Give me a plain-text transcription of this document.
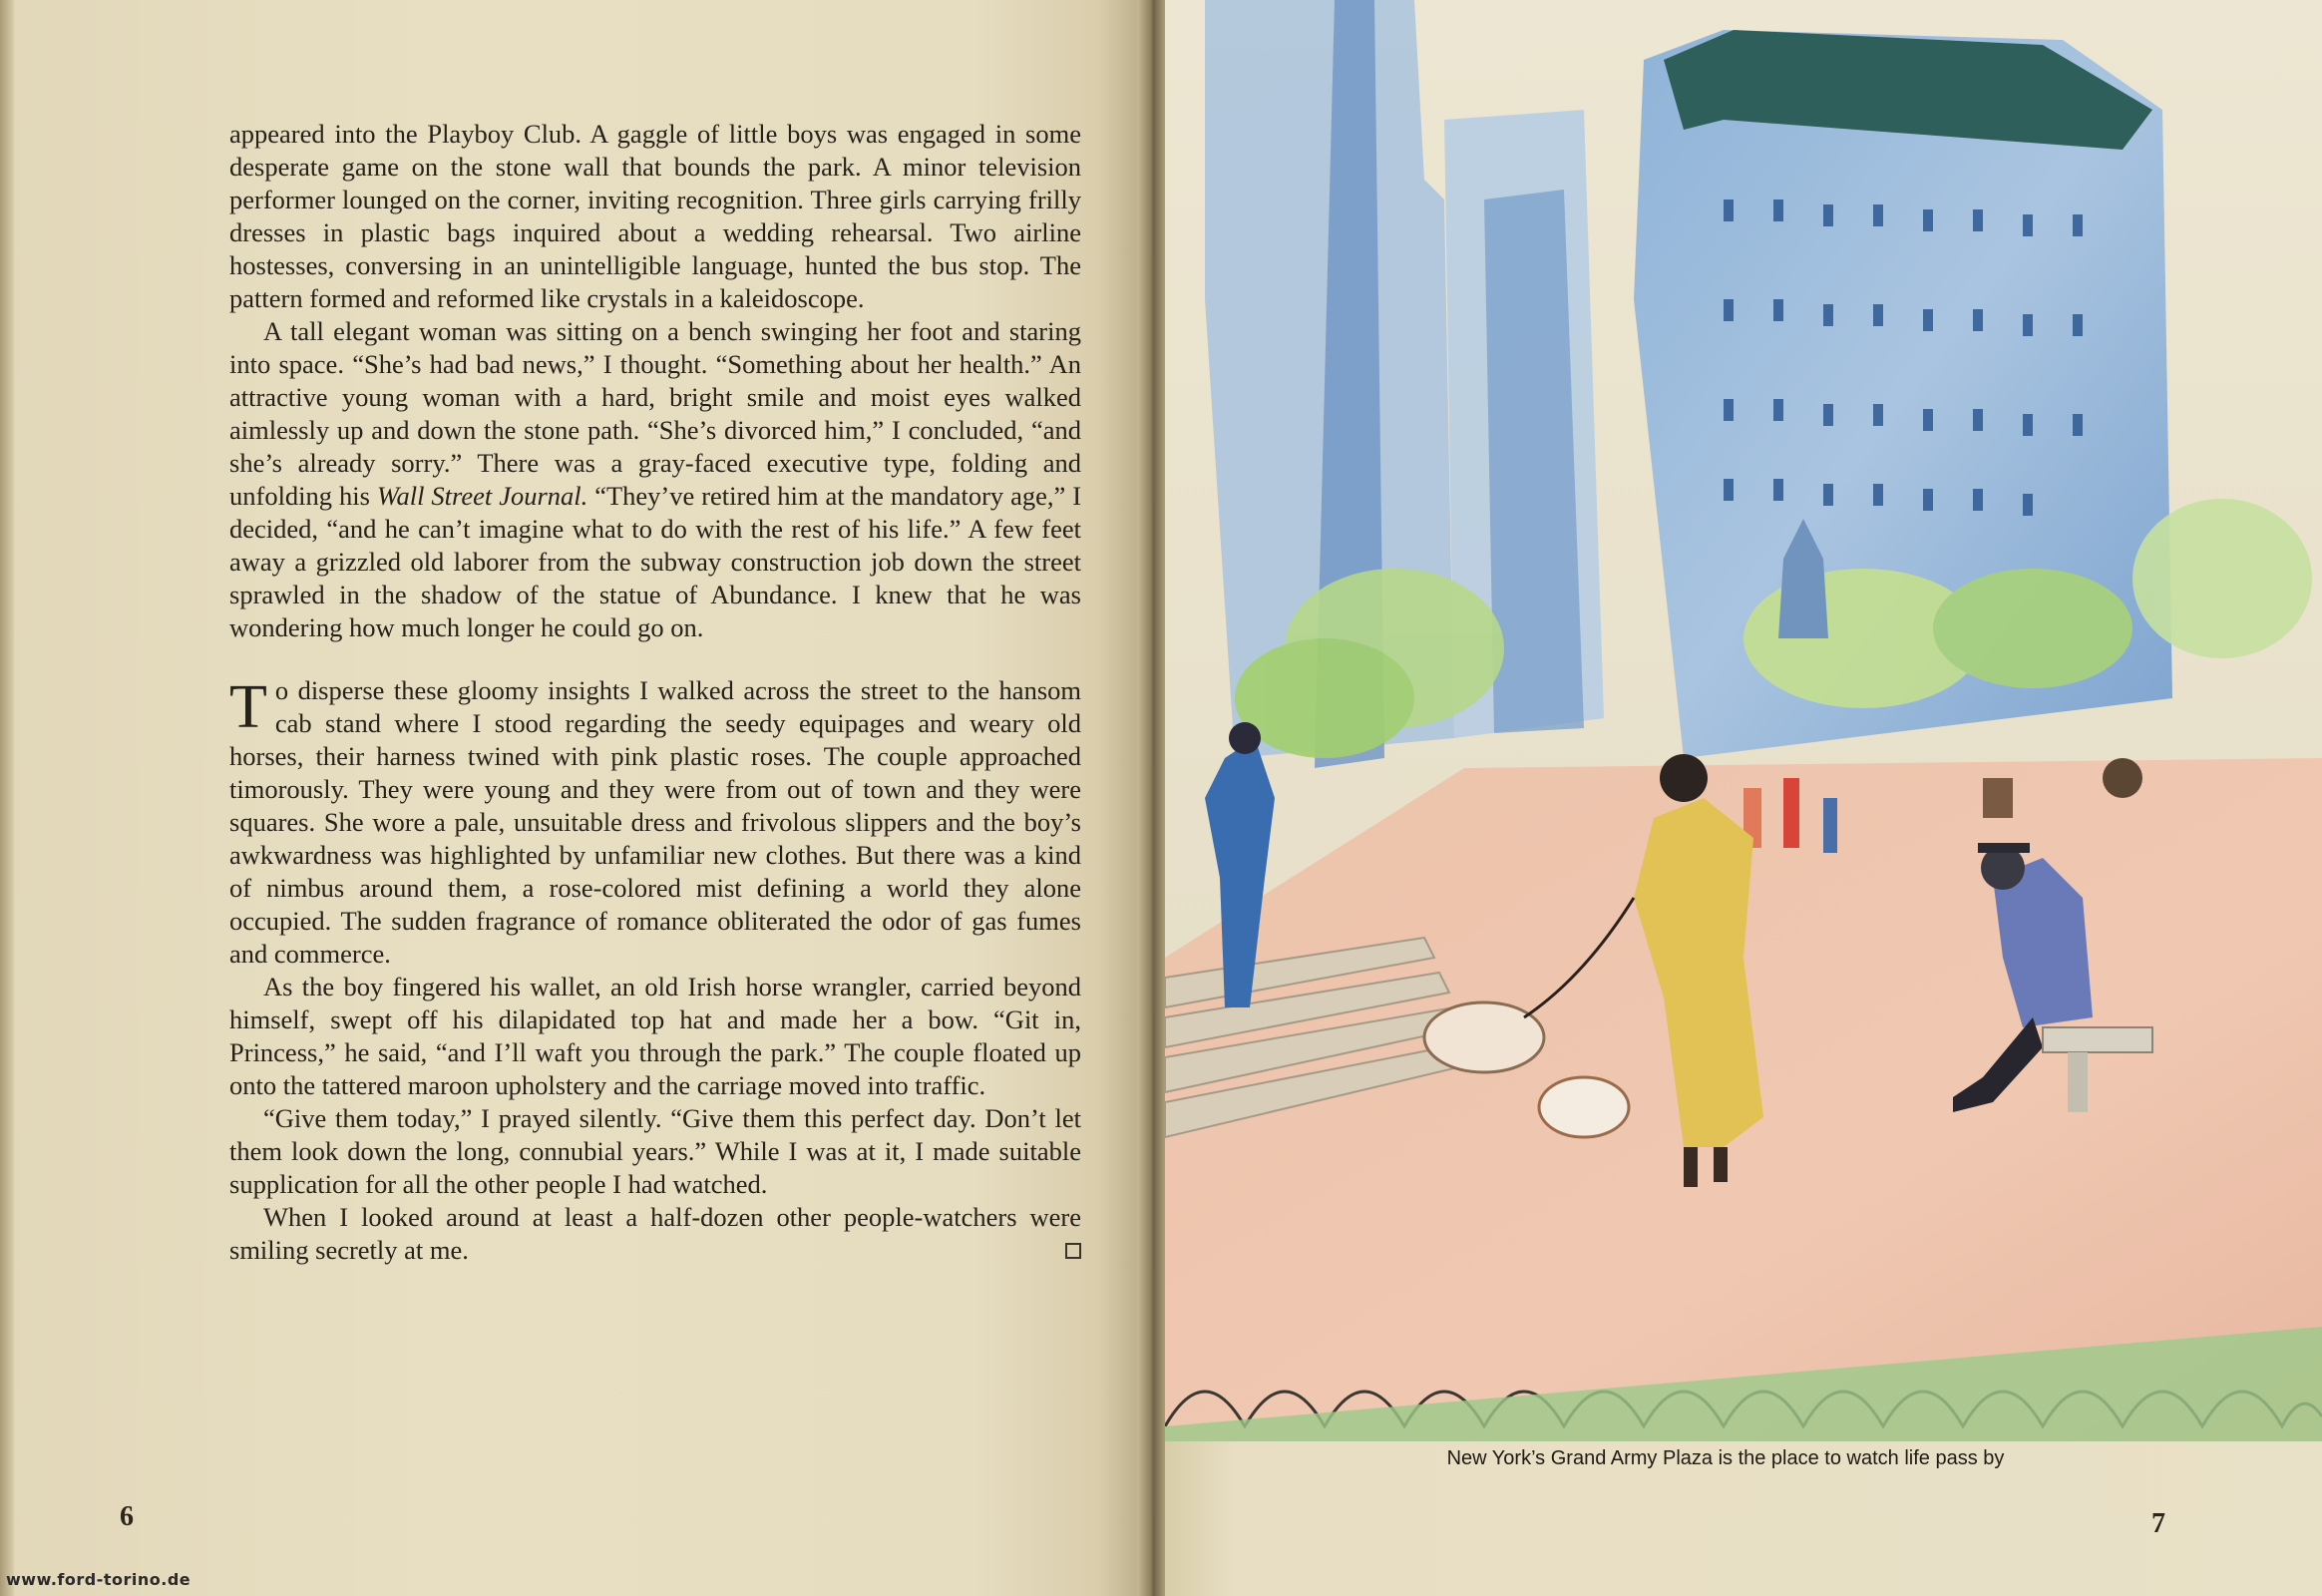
appeared into the Playboy Club. A gaggle of little boys was engaged in some desperate game on the stone wall that bounds the park. A minor television performer lounged on the corner, inviting recognition. Three girls carrying frilly dresses in plastic bags inquired about a wedding rehearsal. Two airline hostesses, conversing in an unintelligible language, hunted the bus stop. The pattern formed and reformed like crystals in a kaleidoscope.

A tall elegant woman was sitting on a bench swinging her foot and staring into space. “She’s had bad news,” I thought. “Something about her health.” An attractive young woman with a hard, bright smile and moist eyes walked aimlessly up and down the stone path. “She’s divorced him,” I concluded, “and she’s already sorry.” There was a gray-faced executive type, folding and unfolding his Wall Street Journal. “They’ve retired him at the mandatory age,” I decided, “and he can’t imagine what to do with the rest of his life.” A few feet away a grizzled old laborer from the subway construction job down the street sprawled in the shadow of the statue of Abundance. I knew that he was wondering how much longer he could go on.

To disperse these gloomy insights I walked across the street to the hansom cab stand where I stood regarding the seedy equipages and weary old horses, their harness twined with pink plastic roses. The couple approached timorously. They were young and they were from out of town and they were squares. She wore a pale, unsuitable dress and frivolous slippers and the boy’s awkwardness was highlighted by unfamiliar new clothes. But there was a kind of nimbus around them, a rose-colored mist defining a world they alone occupied. The sudden fragrance of romance obliterated the odor of gas fumes and commerce.

As the boy fingered his wallet, an old Irish horse wrangler, carried beyond himself, swept off his dilapidated top hat and made her a bow. “Git in, Princess,” he said, “and I’ll waft you through the park.” The couple floated up onto the tattered maroon upholstery and the carriage moved into traffic.

“Give them today,” I prayed silently. “Give them this perfect day. Don’t let them look down the long, connubial years.” While I was at it, I made suitable supplication for all the other people I had watched.

When I looked around at least a half-dozen other people-watchers were smiling secretly at me.

6
www.ford-torino.de
New York’s Grand Army Plaza is the place to watch life pass by
7
